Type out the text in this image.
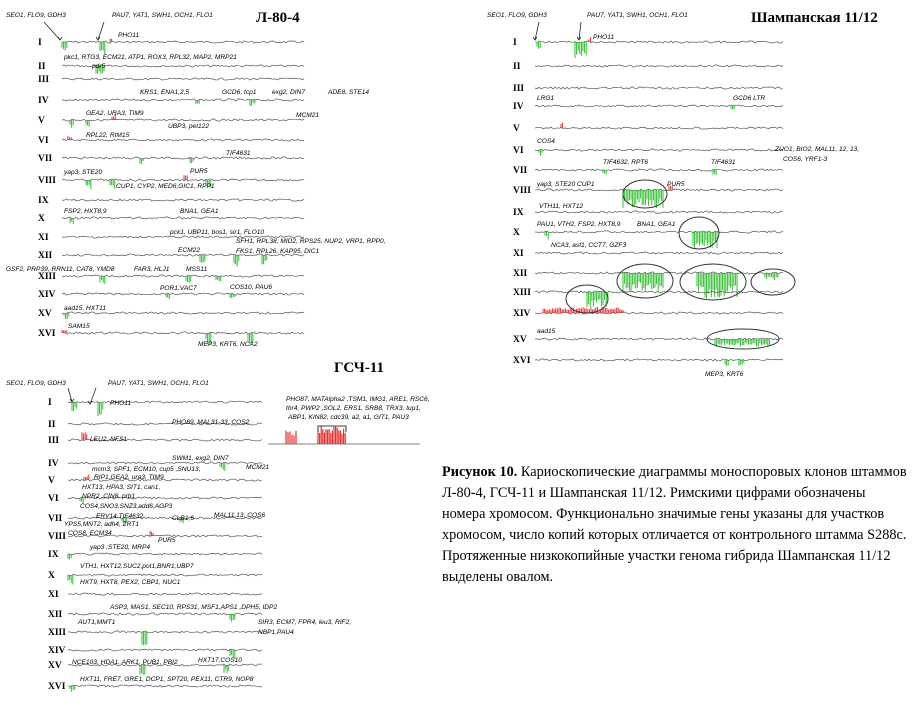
I
II
III
IV
V
VI
VII
VIII
IX
X
XI
XII
XIII
XIV
XV
XVI
SEO1, FLO9, GDH3	PAU7, YAT1, SWH1, OCH1, FLO1
PHO11
pkc1, RTG3, ECM21, ATP1, ROX3, RPL32, MAP2, MRP21
pdr5
KRS1, ENA1,2,5	GCD6, tcp1 exg2, DIN7	ADE8, STE14
MCM21
GEA2, URA3, TIM9
UBP3, pet122
RPL22, RIM15
TIF4631
PUR5
yap3, STE20
CUP1, CYP2, MED6,GIC1, RPP1
FSP2, HXT8,9	BNA1, GEA1
pck1, UBP11, bos1, sir1, FLO10
ECM22
SFH1, RPL38, MID2, RPS25, NUP2, VRP1, RPP0,
FKS1, RPL26, KAP95, DIC1
GSF2, PRP39, RRN11, CAT8, YMD8	FAR3, HLJ1	MSS11
POR1,VAC7	COS10, PAU6
aad15, HXT11
SAM15
MEP3, KRT6, NCA2
Л-80-4
I
II
III
IV
V
VI
VII
VIII
IX
X
XI
XII
XIII
XIV
XV
XVI
SEO1, FLO9, GDH3	PAU7, YAT1, SWH1, OCH1, FLO1
PHO11
LRG1	GCD6 LTR
COS4
ZUO1, BIO2, MAL11, 12, 13,
COS6, YRF1-3
TIF4632, RPT6	TIF4631
yap3, STE20 CUP1	PUR5
VTH11, HXT12
PAU1, VTH2, FSP2, HXT8,9	BNA1, GEA1
NCA3, asf1, CCT7, GZF3
aad15
MEP3, KRT6
Шампанская 11/12
I
II
III
IV
V
VI
VII
VIII
IX
X
XI
XII
XIII
XIV
XV
XVI
SEO1, FLO9, GDH3	PAU7, YAT1, SWH1, OCH1, FLO1
PHO11
PHO89, MAL31-33, COS2
PHO87, MATAlpha2 ,TSM1, IMG1, ARE1, RSC6,
thr4, PWP2 ,SOL2, ERS1, SRB8, TRX3, tup1,
ABP1, KIN82, cdc39, a2, a1, GIT1, PAU3
LEU2, NFS1
SWM1, exg2, DIN7
MCM21
mcm3, SPF1, ECM10, cup5 ,SNU13,
RIP1,GEA2, ura3, TIM9
HXT13, HPA3, SIT1, can1,
NPR2 ,CIN8, prb1
COS4,SNO3,SNZ3,add6,AGP3
ERV14,TIF4632	CLB1,6	MAL11,13, COS6
YPS5,MNT2, adh4, ZRT1
COS8, ECM34
PUR5
yap3 ,STE20, MRP4
VTH1, HXT12,SUC2,pot1,BNR1,UBP7
HXT9, HXT8, PEX2, CBP1, NUC1
ASP3, MAS1, SEC10, RPS31, MSF1,APS1 ,DPH5, IDP2
AUT1,MMT1	SIR3, ECM7, FPR4, leu3, RIF2,
NBP1,PAU4
NCE103, HDA1, ARK1, PUB1, PBI2	HXT17,COS10
HXT11, FRE7, GRE1, DCP1, SPT20, PEX11, CTR9, NOP8
ГСЧ-11
Рисунок 10. Кариоскопические диаграммы моноспоровых клонов штаммов Л-80-4, ГСЧ-11 и Шампанская 11/12. Римскими цифрами обозначены номера хромосом. Функционально значимые гены указаны для участков хромосом, число копий которых отличается от контрольного штамма S288c. Протяженные низкокопийные участки генома гибрида Шампанская 11/12 выделены овалом.
